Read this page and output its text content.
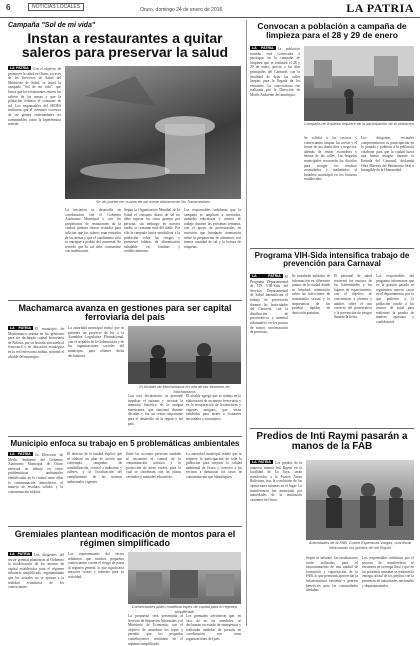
6	NOTICIAS LOCALES	Oruro, domingo 24 de enero de 2016	LA PATRIA
Campaña "Sol de mi vida"
Instan a restaurantes a quitar saleros para preservar la salud
LA PATRIA Con el objetivo de promover la salud en Oruro, a través de los Servicios de Salud del Ministerio de Salud, se inició la campaña "Sol de mi vida", que busca que los restaurantes retiren los saleros de las mesas y que la población reduzca el consumo de sal. Los responsables del SEDES indicaron que el consumo excesivo de sal genera enfermedades no transmisibles como la hipertensión arterial.
Se vió puede ver cuanto de sal existe diariamente No Transmisibles
La iniciativa se desarrolla en coordinación con el Gobierno Autónomo Municipal y con los propietarios de restaurantes de la ciudad, quienes fueron visitados para solicitar que los saleros sean retirados de las mesas y que el condimento solo se entregue a pedido del comensal. Se recordó que la sal debe consumirse con moderación.
Según la Organización Mundial de la Salud el consumo diario de sal no debe superar los cinco gramos por persona, sin embargo en nuestro medio se consume más del doble. Por ello la campaña busca sensibilizar a la población sobre los riesgos y promover hábitos de alimentación saludable en familias y establecimientos.
Los responsables señalaron que la campaña se ampliará a mercados, unidades educativas y centros de trabajo durante las próximas semanas, con el apoyo de profesionales en nutrición que brindarán orientación sobre la preparación de alimentos con menor cantidad de sal y la lectura de etiquetas.
Convocan a población a campaña de limpieza para el 28 y 29 de enero
LA PATRIA La población orureña está convocada a participar en la campaña de limpieza que se realizará el 28 y 29 de enero, previo a los días principales del Carnaval, con la finalidad de dejar las calles limpias para la llegada de los visitantes. La convocatoria fue realizada por la Dirección de Medio Ambiente del municipio.
Campaña de limpieza requiere de la participación de la población
Se solicitó a los vecinos y comerciantes limpiar las aceras y el frente de sus domicilios y negocios, además de retirar escombros y basura de las calles. Las brigadas municipales recorrerán los distritos para recoger los residuos acumulados y trasladarlos al botadero municipal en los horarios establecidos.
Los dirigentes vecinales comprometieron su participación en la jornada y pidieron a la población colaborar para que la ciudad luzca una buena imagen durante la Entrada del Carnaval, declarada Obra Maestra del Patrimonio Oral e Intangible de la Humanidad.
Programa VIH-Sida intensifica trabajo de prevención para Carnaval
LA PATRIA El Programa Departamental de ITS VIH-Sida del Servicio Departamental de Salud intensificará el trabajo de prevención durante las festividades del Carnaval, con la distribución de preservativos y material informativo en los puntos de mayor concentración de personas.
Se instalarán módulos de información en diferentes puntos de la ciudad donde se brindará orientación sobre las infecciones de transmisión sexual y la importancia de las pruebas rápidas de detección gratuitas.
El personal de salud recorrerá los ensayos de las fraternidades y los lugares de esparcimiento, con el objetivo de concientizar a jóvenes y adultos sobre el uso correcto del preservativo y la prevención de riesgos durante la fiesta.
Los responsables del programa informaron que en la gestión pasada se registraron nuevos casos en el departamento, por lo que pidieron a la población acudir a los centros de salud para realizarse la prueba de manera oportuna y confidencial.
Predios de Inti Raymi pasarán a manos de la FAB
LA PATRIA Los predios de la empresa minera Inti Raymi en la localidad de La Joya, serán transferidos a la Fuerza Aérea Boliviana, tras la conclusión de las operaciones mineras en el lugar. La transferencia fue anunciada por autoridades de la institución castrense en Oruro.
Autoridades de la FAB, Cobert Esperanza Vargas, cuál fiscal informando los predios de Inti Raymi
Según se informó, las instalaciones serán utilizadas para el funcionamiento de una unidad de formación y capacitación de la FAB, lo que permitirá aprovechar la infraestructura existente y generar beneficios para las comunidades aledañas.
Los responsables señalaron que el proceso de transferencia se encuentra en su etapa final y que en las próximas semanas se realizará la entrega oficial de los predios con la presencia de autoridades nacionales y departamentales.
Machamarca avanza en gestiones para ser capital ferroviaria del país
LA PATRIA El municipio de Machamarca avanza en las gestiones para ser declarado capital ferroviaria de Bolivia, por su historia vinculada al ferrocarril y su ubicación estratégica en la red ferroviaria andina, informó el alcalde del municipio.
La autoridad municipal indicó que se presentó un proyecto de ley a la Asamblea Legislativa Plurinacional, con el respaldo de la Gobernación y de las organizaciones sociales del municipio, para obtener dicha declaratoria.
El Alcalde de Machamarca en una de las sesiones de Machamarca
Con esta declaratoria, se pretende impulsar el turismo y rescatar la memoria histórica de la antigua maestranza, que funcionó durante décadas y fue un centro importante para el desarrollo de la región y del país.
El alcalde agregó que se trabaja en la elaboración de un museo ferroviario y en la recuperación de locomotoras y vagones antiguos, que serán exhibidos para atraer a visitantes nacionales y extranjeros.
Municipio enfoca su trabajo en 5 problemáticas ambientales
LA PATRIA La Dirección de Medio Ambiente del Gobierno Autónomo Municipal de Oruro enfocará su trabajo en cinco problemáticas ambientales identificadas en la ciudad, entre ellas la contaminación atmosférica, el manejo de residuos sólidos y la contaminación hídrica.
El director de la unidad explicó que se elaboró un plan de acción que contempla campañas de sensibilización, control a industrias y talleres, y la fiscalización del cumplimiento de las normas ambientales vigentes.
Entre las acciones previstas también se encuentra el control de la contaminación acústica y la protección de áreas verdes, para lo cual se coordinará con las juntas vecinales y unidades educativas.
La autoridad municipal señaló que se requiere la participación de toda la población para mejorar la calidad ambiental de Oruro y convocó a los vecinos a denunciar los casos de contaminación que identifiquen.
Gremiales plantean modificación de montos para el régimen simplificado
LA PATRIA Los dirigentes del sector gremial plantearon al Gobierno la modificación de los montos de capital establecidos para el régimen tributario simplificado, argumentando que los actuales no se ajustan a la realidad económica de los comerciantes.
Los representantes del sector señalaron que muchos pequeños comerciantes corren el riesgo de pasar al régimen general, lo que significaría mayores costos y trámites para su actividad.
Comerciantes piden modificar topes de capital para el régimen simplificado
La propuesta será presentada al Servicio de Impuestos Nacionales y al Ministerio de Economía, con el objetivo de actualizar los topes y permitir que los pequeños contribuyentes continúen en el régimen simplificado.
Los gremiales advirtieron que, en caso de no ser atendidos, se declararán en estado de emergencia y realizarán medidas de presión en coordinación con otras organizaciones del país.
